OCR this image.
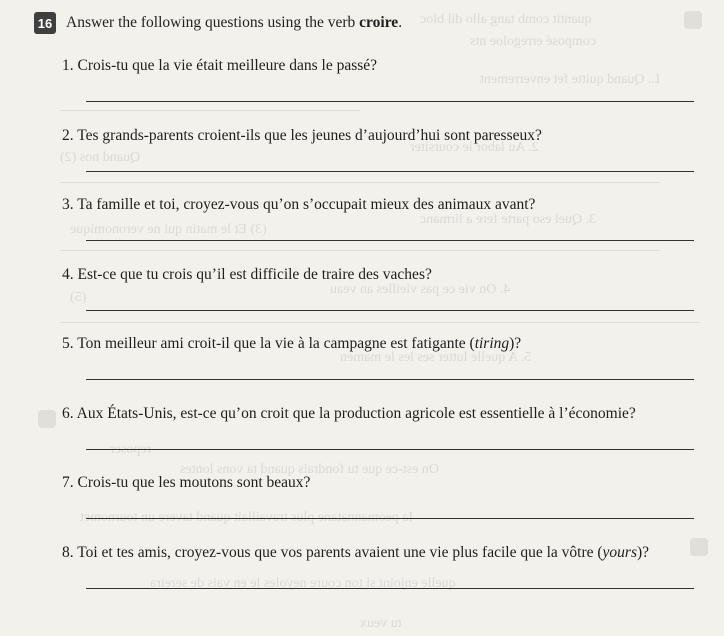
quantit comb tang allo dil bloc
composé erregoloe nts
L. Quand quitte fet enverrement
Quand nos (2)
2. Au labor le coursiter
(3) Et le matin qui ne veronomique
3. Quel eso parte fere a lirmanc
(5)
4. On vie ce pas vieilles an veau
5. A quelle lutter ses les le mamen
reposer
On est-ce que tu fondrais quand ta vons lontes
Ia peomannatane plus travaillait quand tavere un tournomet
quelle enjoint si ton coure neyoles le en vais de sereira
tu veux
16 Answer the following questions using the verb croire.
1. Crois-tu que la vie était meilleure dans le passé?
2. Tes grands-parents croient-ils que les jeunes d’aujourd’hui sont paresseux?
3. Ta famille et toi, croyez-vous qu’on s’occupait mieux des animaux avant?
4. Est-ce que tu crois qu’il est difficile de traire des vaches?
5. Ton meilleur ami croit-il que la vie à la campagne est fatigante (tiring)?
6. Aux États-Unis, est-ce qu’on croit que la production agricole est essentielle à l’économie?
7. Crois-tu que les moutons sont beaux?
8. Toi et tes amis, croyez-vous que vos parents avaient une vie plus facile que la vôtre (yours)?
